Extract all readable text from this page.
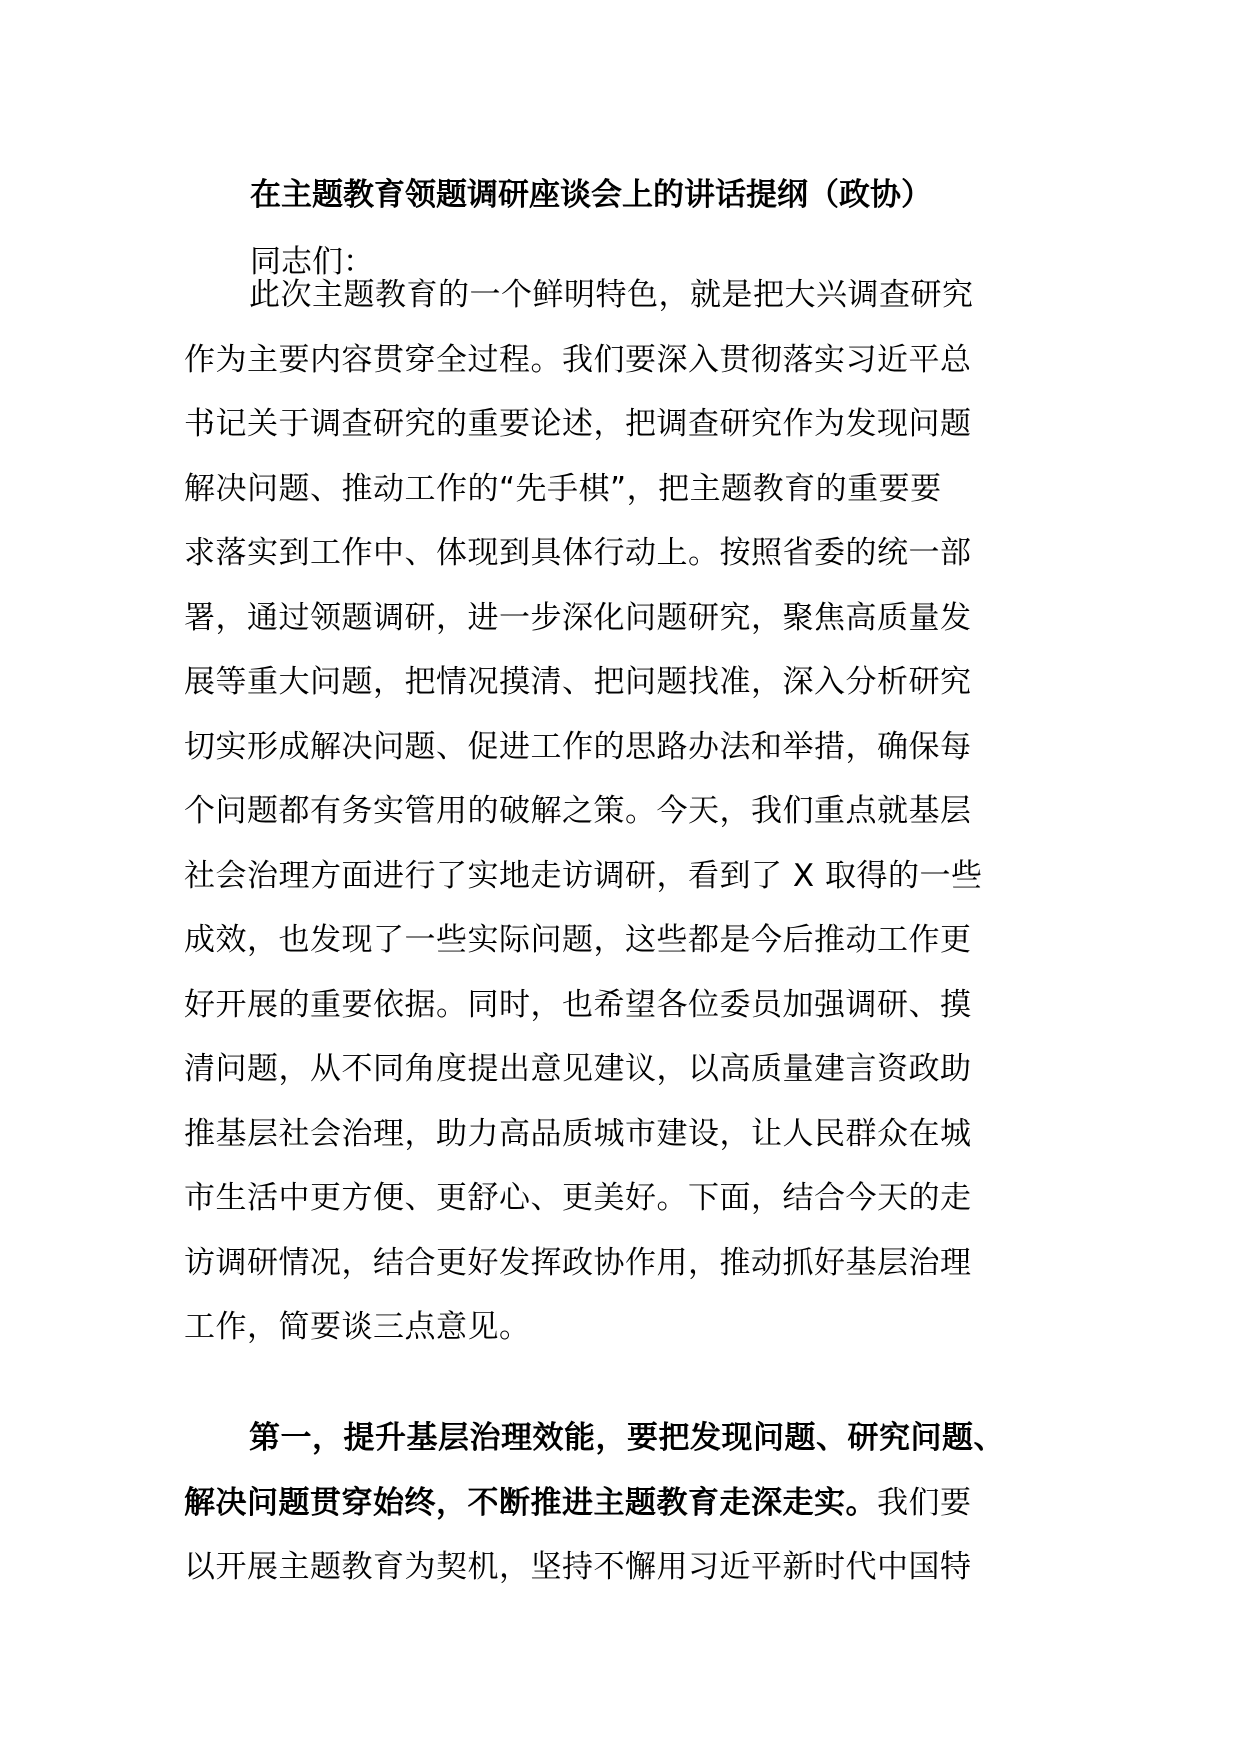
在主题教育领题调研座谈会上的讲话提纲（政协）
同志们：
此次主题教育的一个鲜明特色，就是把大兴调查研究
作为主要内容贯穿全过程。我们要深入贯彻落实习近平总
书记关于调查研究的重要论述，把调查研究作为发现问题
解决问题、推动工作的“先手棋”，把主题教育的重要要
求落实到工作中、体现到具体行动上。按照省委的统一部
署，通过领题调研，进一步深化问题研究，聚焦高质量发
展等重大问题，把情况摸清、把问题找准，深入分析研究
切实形成解决问题、促进工作的思路办法和举措，确保每
个问题都有务实管用的破解之策。今天，我们重点就基层
社会治理方面进行了实地走访调研，看到了 X 取得的一些
成效，也发现了一些实际问题，这些都是今后推动工作更
好开展的重要依据。同时，也希望各位委员加强调研、摸
清问题，从不同角度提出意见建议，以高质量建言资政助
推基层社会治理，助力高品质城市建设，让人民群众在城
市生活中更方便、更舒心、更美好。下面，结合今天的走
访调研情况，结合更好发挥政协作用，推动抓好基层治理
工作，简要谈三点意见。
第一，提升基层治理效能，要把发现问题、研究问题、
解决问题贯穿始终，不断推进主题教育走深走实。我们要
以开展主题教育为契机，坚持不懈用习近平新时代中国特
